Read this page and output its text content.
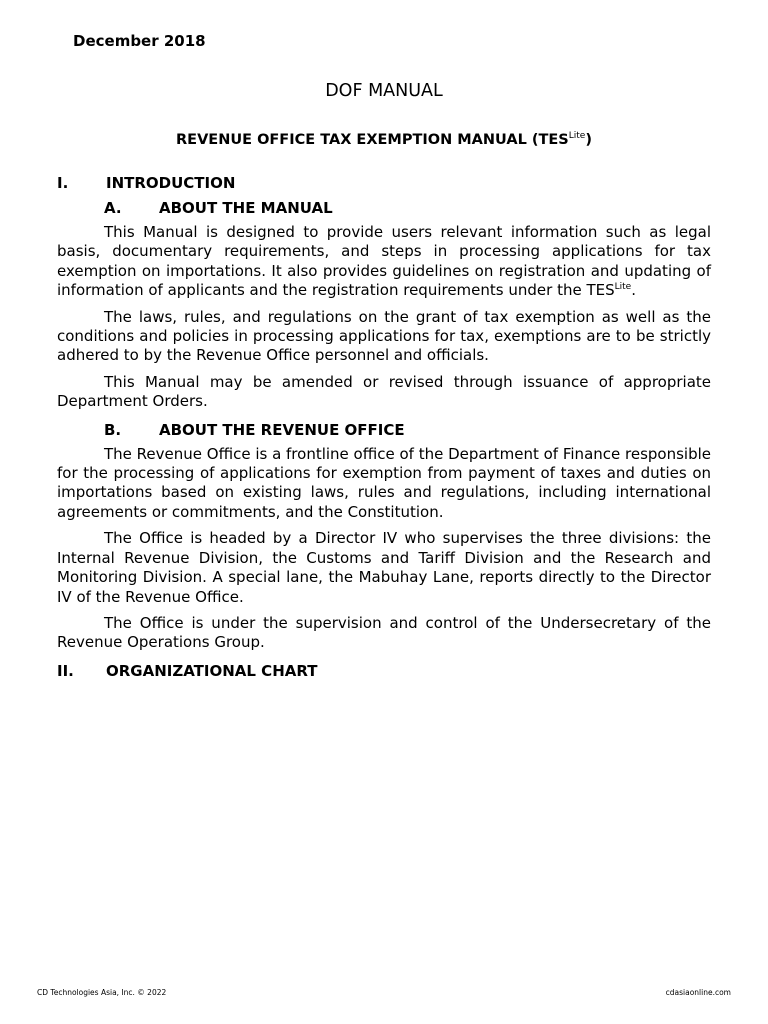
December 2018
DOF MANUAL
REVENUE OFFICE TAX EXEMPTION MANUAL $(TES^{Lite})$
I.	INTRODUCTION
A. ABOUT THE MANUAL

This Manual is designed to provide users relevant information such as legal basis, documentary requirements, and steps in processing applications for tax exemption on importations. It also provides guidelines on registration and updating of information of applicants and the registration requirements under the $TES^{Lite}$.

The laws, rules, and regulations on the grant of tax exemption as well as the conditions and policies in processing applications for tax, exemptions are to be strictly adhered to by the Revenue Office personnel and officials.

This Manual may be amended or revised through issuance of appropriate Department Orders.

B.	ABOUT THE REVENUE OFFICE

The Revenue Office is a frontline office of the Department of Finance responsible for the processing of applications for exemption from payment of taxes and duties on importations based on existing laws, rules and regulations, including international agreements or commitments, and the Constitution.

The Office is headed by a Director IV who supervises the three divisions: the Internal Revenue Division, the Customs and Tariff Division and the Research and Monitoring Division. A special lane, the Mabuhay Lane, reports directly to the Director IV of the Revenue Office.

The Office is under the supervision and control of the Undersecretary of the Revenue Operations Group.

II. ORGANIZATIONAL CHART
CD Technologies Asia, Inc. © 2022	cdasiaonline.com
